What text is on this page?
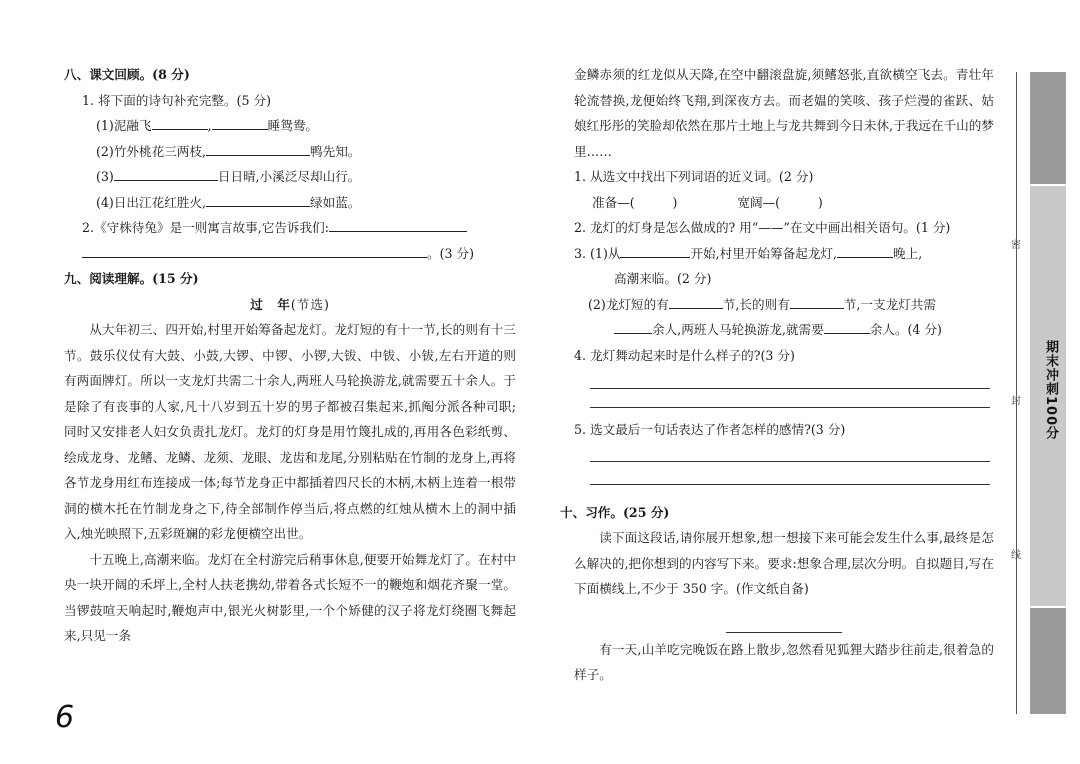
八、课文回顾。(8 分)
1. 将下面的诗句补充完整。(5 分)
(1)泥融飞	,	睡鸳鸯。
(2)竹外桃花三两枝,	鸭先知。
(3)	日日晴,小溪泛尽却山行。
(4)日出江花红胜火,	绿如蓝。
2.《守株待兔》是一则寓言故事,它告诉我们:
。(3 分)
九、阅读理解。(15 分)
过　年(节选)
从大年初三、四开始,村里开始筹备起龙灯。龙灯短的有十一节,长的则有十三节。鼓乐仪仗有大鼓、小鼓,大锣、中锣、小锣,大钹、中钹、小钹,左右开道的则有两面牌灯。所以一支龙灯共需二十余人,两班人马轮换游龙,就需要五十余人。于是除了有丧事的人家,凡十八岁到五十岁的男子都被召集起来,抓阄分派各种司职;同时又安排老人妇女负责扎龙灯。龙灯的灯身是用竹篾扎成的,再用各色彩纸剪、绘成龙身、龙鳍、龙鳞、龙须、龙眼、龙齿和龙尾,分别粘贴在竹制的龙身上,再将各节龙身用红布连接成一体;每节龙身正中都插着四尺长的木柄,木柄上连着一根带洞的横木托在竹制龙身之下,待全部制作停当后,将点燃的红烛从横木上的洞中插入,烛光映照下,五彩斑斓的彩龙便横空出世。
十五晚上,高潮来临。龙灯在全村游完后稍事休息,便要开始舞龙灯了。在村中央一块开阔的禾坪上,全村人扶老携幼,带着各式长短不一的鞭炮和烟花齐聚一堂。当锣鼓喧天响起时,鞭炮声中,银光火树影里,一个个矫健的汉子将龙灯绕圈飞舞起来,只见一条
金鳞赤须的红龙似从天降,在空中翻滚盘旋,须鳍怒张,直欲横空飞去。青壮年轮流替换,龙便始终飞翔,到深夜方去。而老媪的笑咳、孩子烂漫的雀跃、姑娘红彤彤的笑脸却依然在那片土地上与龙共舞到今日未休,于我远在千山的梦里……
1. 从选文中找出下列词语的近义词。(2 分)
准备—(　　　)	宽阔—(　　　)
2. 龙灯的灯身是怎么做成的? 用“——”在文中画出相关语句。(1 分)
3. (1)从	开始,村里开始筹备起龙灯,	晚上,
高潮来临。(2 分)
(2)龙灯短的有	节,长的则有	节,一支龙灯共需
余人,两班人马轮换游龙,就需要	余人。(4 分)
4. 龙灯舞动起来时是什么样子的?(3 分)
5. 选文最后一句话表达了作者怎样的感情?(3 分)
十、习作。(25 分)
读下面这段话,请你展开想象,想一想接下来可能会发生什么事,最终是怎么解决的,把你想到的内容写下来。要求:想象合理,层次分明。自拟题目,写在下面横线上,不少于 350 字。(作文纸自备)
有一天,山羊吃完晚饭在路上散步,忽然看见狐狸大踏步往前走,很着急的样子。
6
密
封
线
期末冲刺100分
